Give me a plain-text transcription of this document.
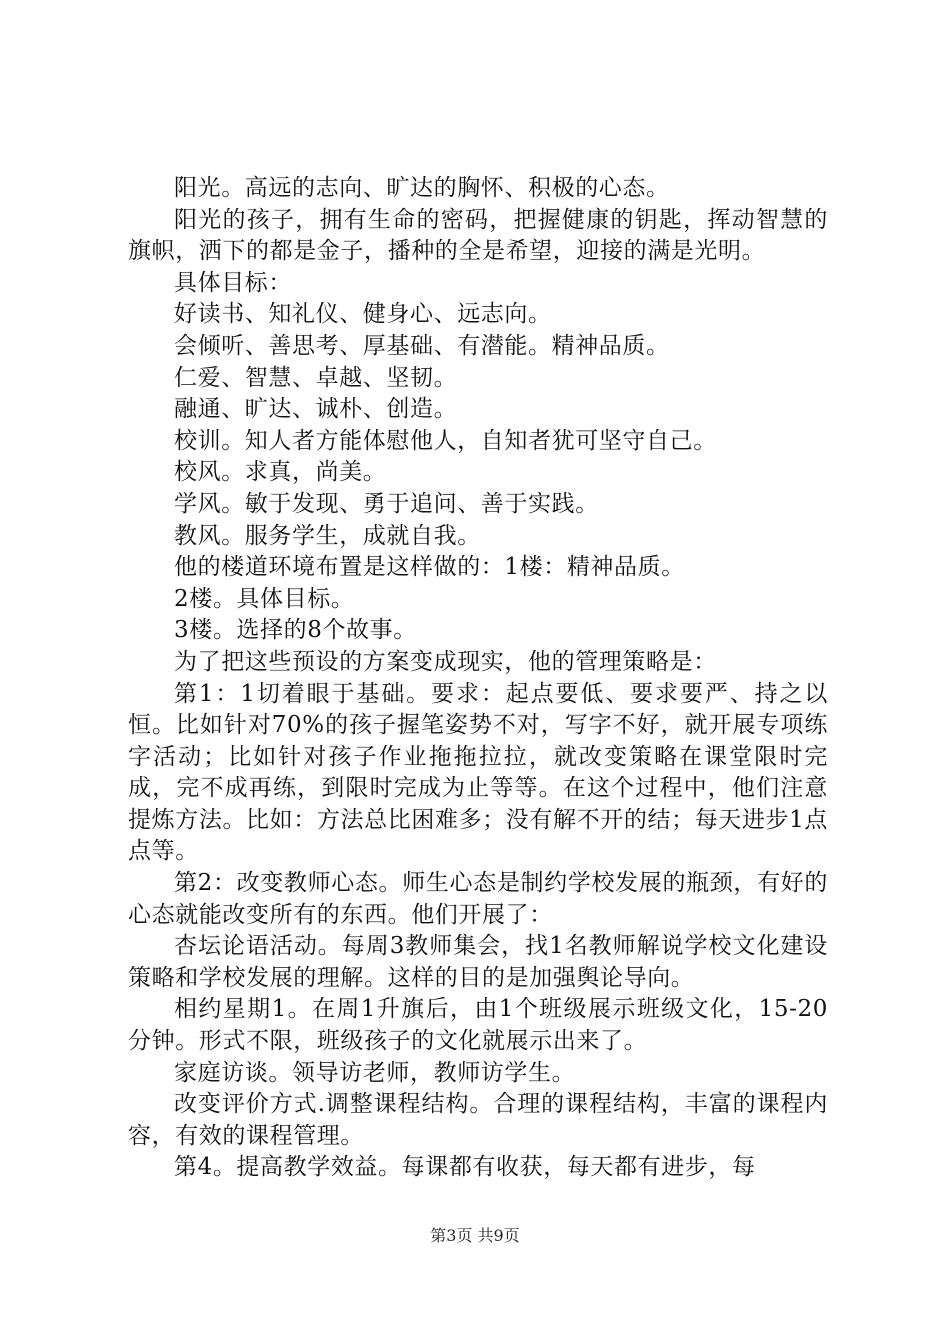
阳光。高远的志向、旷达的胸怀、积极的心态。

阳光的孩子，拥有生命的密码，把握健康的钥匙，挥动智慧的旗帜，洒下的都是金子，播种的全是希望，迎接的满是光明。

具体目标：

好读书、知礼仪、健身心、远志向。

会倾听、善思考、厚基础、有潜能。精神品质。

仁爱、智慧、卓越、坚韧。

融通、旷达、诚朴、创造。

校训。知人者方能体慰他人，自知者犹可坚守自己。

校风。求真，尚美。

学风。敏于发现、勇于追问、善于实践。

教风。服务学生，成就自我。

他的楼道环境布置是这样做的：1楼：精神品质。

2楼。具体目标。

3楼。选择的8个故事。

为了把这些预设的方案变成现实，他的管理策略是：

第1：1切着眼于基础。要求：起点要低、要求要严、持之以恒。比如针对70%的孩子握笔姿势不对，写字不好，就开展专项练字活动；比如针对孩子作业拖拖拉拉，就改变策略在课堂限时完成，完不成再练，到限时完成为止等等。在这个过程中，他们注意提炼方法。比如：方法总比困难多；没有解不开的结；每天进步1点点等。

第2：改变教师心态。师生心态是制约学校发展的瓶颈，有好的心态就能改变所有的东西。他们开展了：

杏坛论语活动。每周3教师集会，找1名教师解说学校文化建设策略和学校发展的理解。这样的目的是加强舆论导向。

相约星期1。在周1升旗后，由1个班级展示班级文化，15-20分钟。形式不限，班级孩子的文化就展示出来了。

家庭访谈。领导访老师，教师访学生。

改变评价方式.调整课程结构。合理的课程结构，丰富的课程内容，有效的课程管理。

第4。提高教学效益。每课都有收获，每天都有进步，每

第3页 共9页
